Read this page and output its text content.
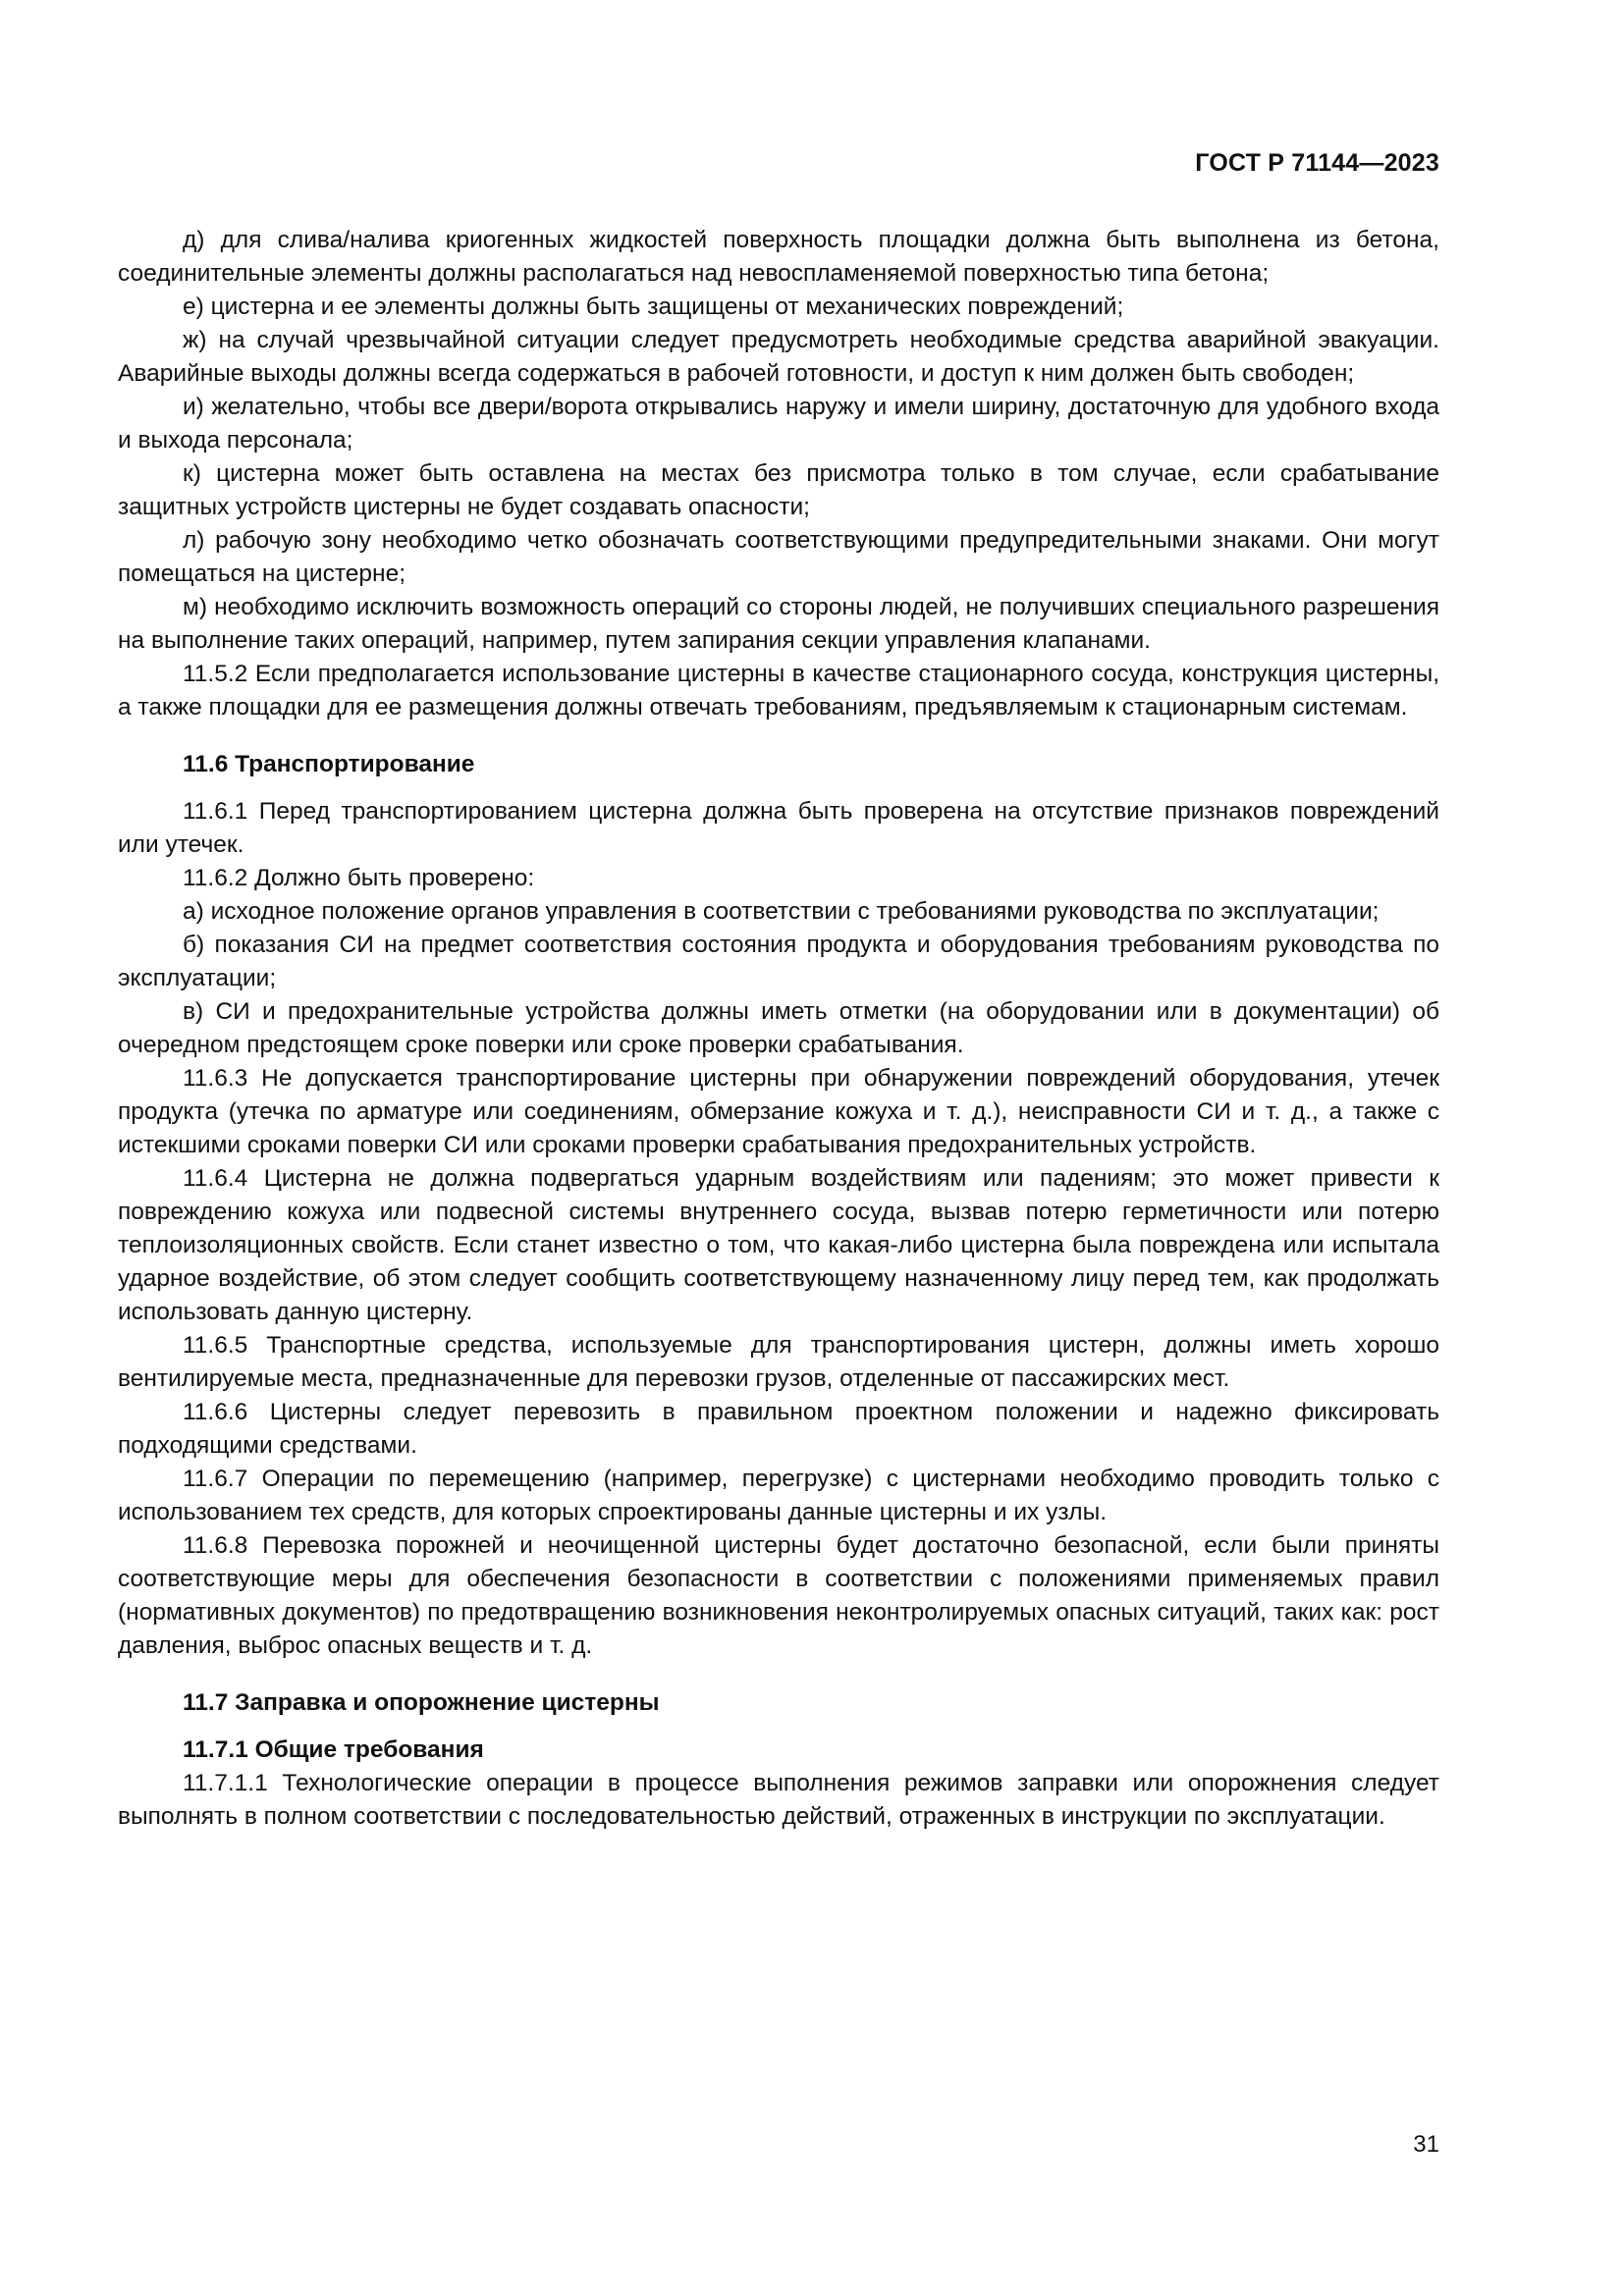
ГОСТ Р 71144—2023

д) для слива/налива криогенных жидкостей поверхность площадки должна быть выполнена из бетона, соединительные элементы должны располагаться над невоспламеняемой поверхностью типа бетона;

е) цистерна и ее элементы должны быть защищены от механических повреждений;

ж) на случай чрезвычайной ситуации следует предусмотреть необходимые средства аварийной эвакуации. Аварийные выходы должны всегда содержаться в рабочей готовности, и доступ к ним должен быть свободен;

и) желательно, чтобы все двери/ворота открывались наружу и имели ширину, достаточную для удобного входа и выхода персонала;

к) цистерна может быть оставлена на местах без присмотра только в том случае, если срабатывание защитных устройств цистерны не будет создавать опасности;

л) рабочую зону необходимо четко обозначать соответствующими предупредительными знаками. Они могут помещаться на цистерне;

м) необходимо исключить возможность операций со стороны людей, не получивших специального разрешения на выполнение таких операций, например, путем запирания секции управления клапанами.

11.5.2 Если предполагается использование цистерны в качестве стационарного сосуда, конструкция цистерны, а также площадки для ее размещения должны отвечать требованиям, предъявляемым к стационарным системам.

11.6 Транспортирование

11.6.1 Перед транспортированием цистерна должна быть проверена на отсутствие признаков повреждений или утечек.

11.6.2 Должно быть проверено:

а) исходное положение органов управления в соответствии с требованиями руководства по эксплуатации;

б) показания СИ на предмет соответствия состояния продукта и оборудования требованиям руководства по эксплуатации;

в) СИ и предохранительные устройства должны иметь отметки (на оборудовании или в документации) об очередном предстоящем сроке поверки или сроке проверки срабатывания.

11.6.3 Не допускается транспортирование цистерны при обнаружении повреждений оборудования, утечек продукта (утечка по арматуре или соединениям, обмерзание кожуха и т. д.), неисправности СИ и т. д., а также с истекшими сроками поверки СИ или сроками проверки срабатывания предохранительных устройств.

11.6.4 Цистерна не должна подвергаться ударным воздействиям или падениям; это может привести к повреждению кожуха или подвесной системы внутреннего сосуда, вызвав потерю герметичности или потерю теплоизоляционных свойств. Если станет известно о том, что какая-либо цистерна была повреждена или испытала ударное воздействие, об этом следует сообщить соответствующему назначенному лицу перед тем, как продолжать использовать данную цистерну.

11.6.5 Транспортные средства, используемые для транспортирования цистерн, должны иметь хорошо вентилируемые места, предназначенные для перевозки грузов, отделенные от пассажирских мест.

11.6.6 Цистерны следует перевозить в правильном проектном положении и надежно фиксировать подходящими средствами.

11.6.7 Операции по перемещению (например, перегрузке) с цистернами необходимо проводить только с использованием тех средств, для которых спроектированы данные цистерны и их узлы.

11.6.8 Перевозка порожней и неочищенной цистерны будет достаточно безопасной, если были приняты соответствующие меры для обеспечения безопасности в соответствии с положениями применяемых правил (нормативных документов) по предотвращению возникновения неконтролируемых опасных ситуаций, таких как: рост давления, выброс опасных веществ и т. д.

11.7 Заправка и опорожнение цистерны

11.7.1 Общие требования

11.7.1.1 Технологические операции в процессе выполнения режимов заправки или опорожнения следует выполнять в полном соответствии с последовательностью действий, отраженных в инструкции по эксплуатации.

31
